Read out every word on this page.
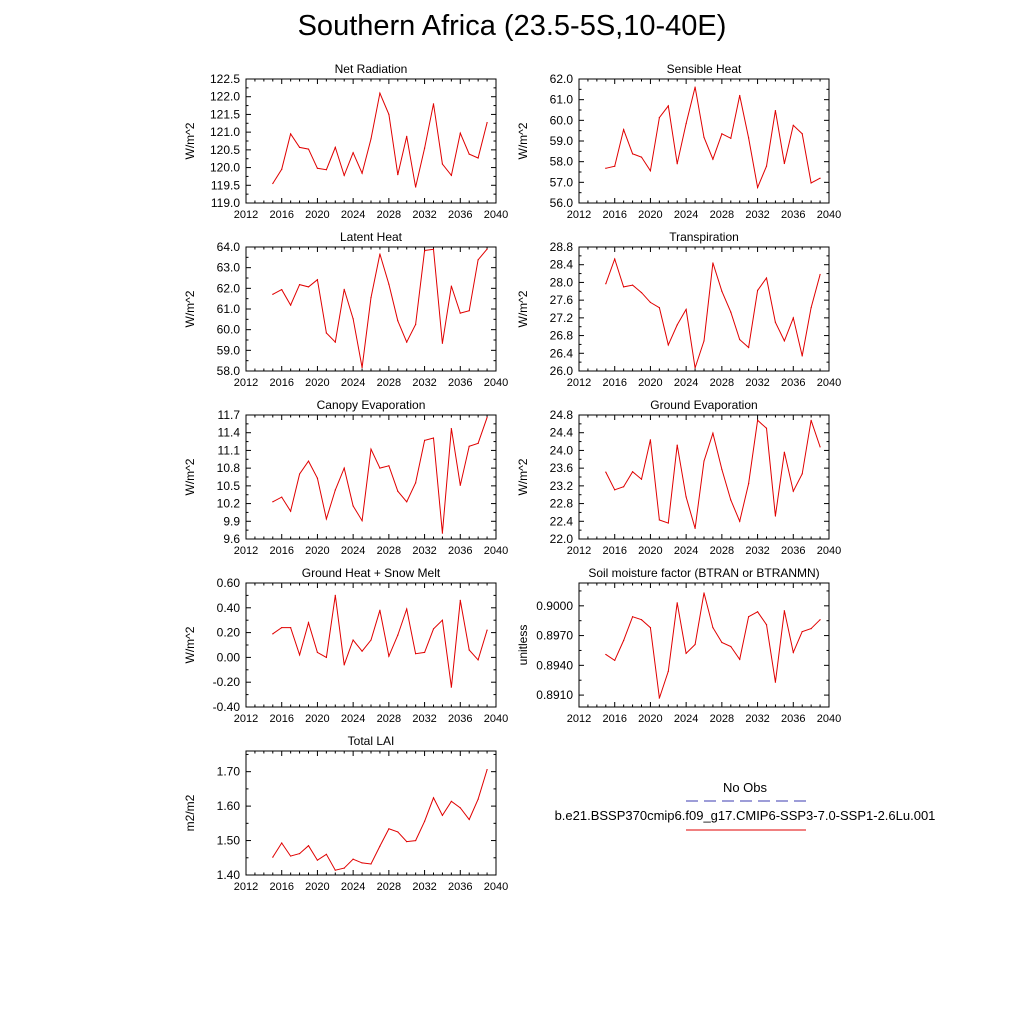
Southern Africa (23.5-5S,10-40E)
Net Radiation
W/m^2
2012 2016 2020 2024 2028 2032 2036 2040
119.0
119.5
120.0
120.5
121.0
121.5
122.0
122.5
Sensible Heat
W/m^2
2012 2016 2020 2024 2028 2032 2036 2040
56.0
57.0
58.0
59.0
60.0
61.0
62.0
Latent Heat
W/m^2
2012 2016 2020 2024 2028 2032 2036 2040
58.0
59.0
60.0
61.0
62.0
63.0
64.0
Transpiration
W/m^2
2012 2016 2020 2024 2028 2032 2036 2040
26.0
26.4
26.8
27.2
27.6
28.0
28.4
28.8
Canopy Evaporation
W/m^2
2012 2016 2020 2024 2028 2032 2036 2040
9.6
9.9
10.2
10.5
10.8
11.1
11.4
11.7
Ground Evaporation
W/m^2
2012 2016 2020 2024 2028 2032 2036 2040
22.0
22.4
22.8
23.2
23.6
24.0
24.4
24.8
Ground Heat + Snow Melt
W/m^2
2012 2016 2020 2024 2028 2032 2036 2040
-0.40
-0.20
0.00
0.20
0.40
0.60
Soil moisture factor (BTRAN or BTRANMN)
unitless
2012 2016 2020 2024 2028 2032 2036 2040
0.8910
0.8940
0.8970
0.9000
Total LAI
m2/m2
2012 2016 2020 2024 2028 2032 2036 2040
1.40
1.50
1.60
1.70
No Obs
b.e21.BSSP370cmip6.f09_g17.CMIP6-SSP3-7.0-SSP1-2.6Lu.001
